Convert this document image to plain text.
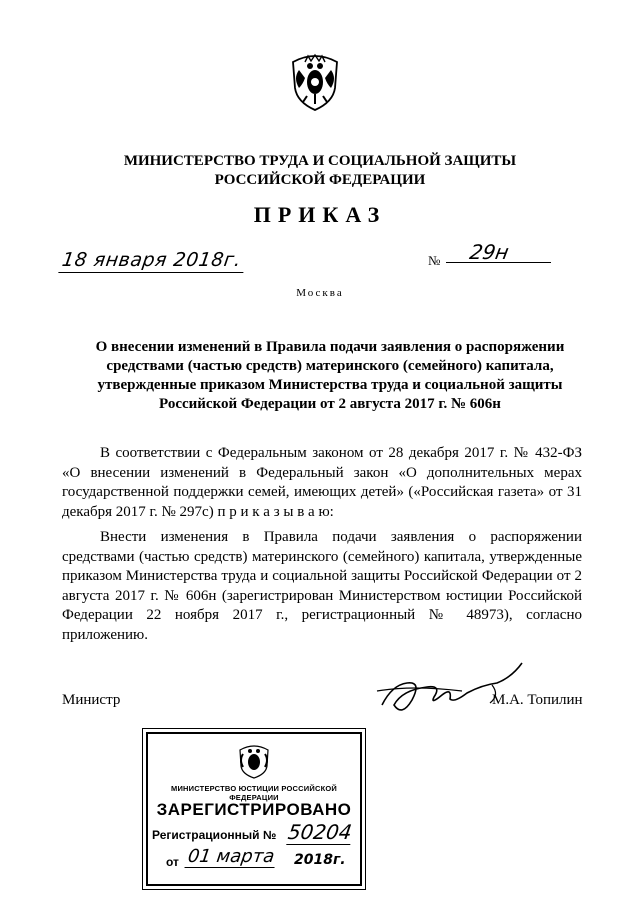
МИНИСТЕРСТВО ТРУДА И СОЦИАЛЬНОЙ ЗАЩИТЫ
РОССИЙСКОЙ ФЕДЕРАЦИИ
ПРИКАЗ
18 января 2018г.	№ 29н
Москва
О внесении изменений в Правила подачи заявления о распоряжении средствами (частью средств) материнского (семейного) капитала, утвержденные приказом Министерства труда и социальной защиты Российской Федерации от 2 августа 2017 г. № 606н
В соответствии с Федеральным законом от 28 декабря 2017 г. № 432-ФЗ «О внесении изменений в Федеральный закон «О дополнительных мерах государственной поддержки семей, имеющих детей» («Российская газета» от 31 декабря 2017 г. № 297с) п р и к а з ы в а ю:
Внести изменения в Правила подачи заявления о распоряжении средствами (частью средств) материнского (семейного) капитала, утвержденные приказом Министерства труда и социальной защиты Российской Федерации от 2 августа 2017 г. № 606н (зарегистрирован Министерством юстиции Российской Федерации 22 ноября 2017 г., регистрационный № 48973), согласно приложению.
Министр	М.А. Топилин
МИНИСТЕРСТВО ЮСТИЦИИ РОССИЙСКОЙ ФЕДЕРАЦИИ
ЗАРЕГИСТРИРОВАНО
Регистрационный № 50204
от 01 марта 2018г.
